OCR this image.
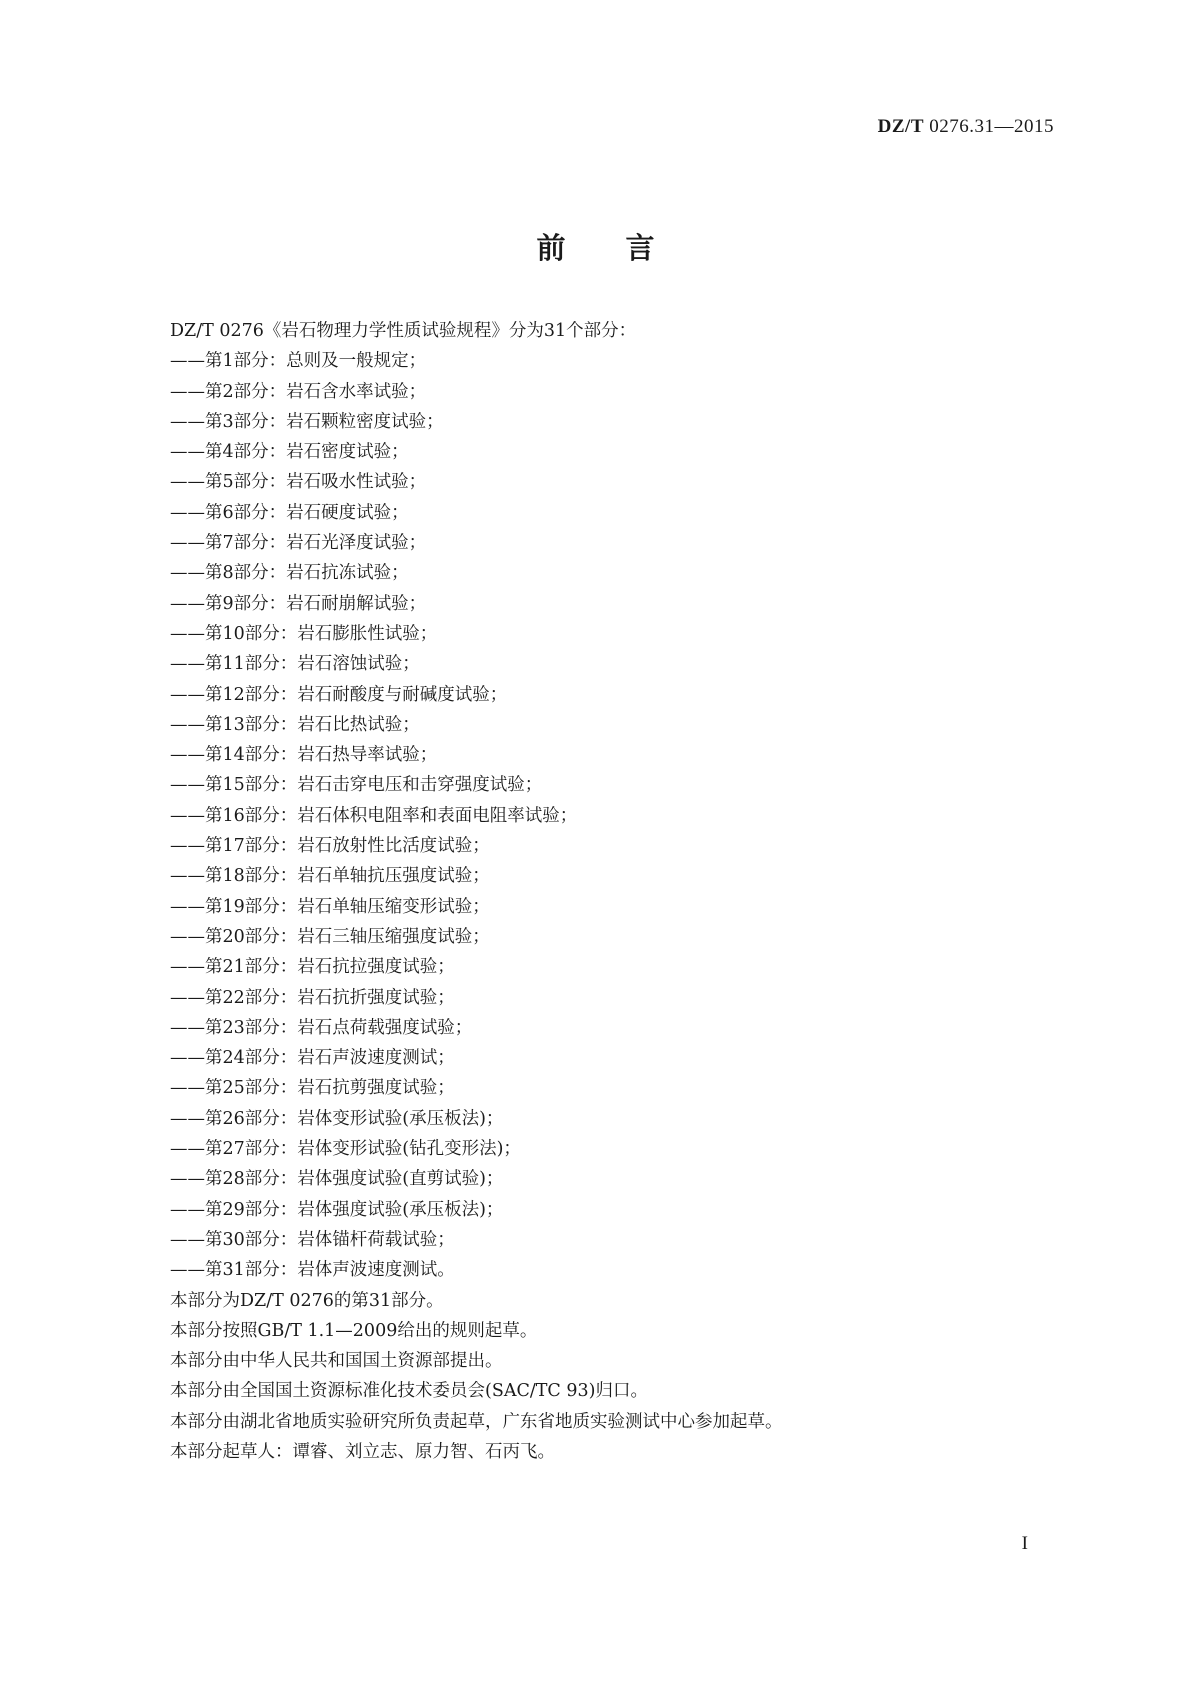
DZ/T 0276.31—2015
前言
DZ/T 0276《岩石物理力学性质试验规程》分为31个部分：
——第1部分：总则及一般规定；
——第2部分：岩石含水率试验；
——第3部分：岩石颗粒密度试验；
——第4部分：岩石密度试验；
——第5部分：岩石吸水性试验；
——第6部分：岩石硬度试验；
——第7部分：岩石光泽度试验；
——第8部分：岩石抗冻试验；
——第9部分：岩石耐崩解试验；
——第10部分：岩石膨胀性试验；
——第11部分：岩石溶蚀试验；
——第12部分：岩石耐酸度与耐碱度试验；
——第13部分：岩石比热试验；
——第14部分：岩石热导率试验；
——第15部分：岩石击穿电压和击穿强度试验；
——第16部分：岩石体积电阻率和表面电阻率试验；
——第17部分：岩石放射性比活度试验；
——第18部分：岩石单轴抗压强度试验；
——第19部分：岩石单轴压缩变形试验；
——第20部分：岩石三轴压缩强度试验；
——第21部分：岩石抗拉强度试验；
——第22部分：岩石抗折强度试验；
——第23部分：岩石点荷载强度试验；
——第24部分：岩石声波速度测试；
——第25部分：岩石抗剪强度试验；
——第26部分：岩体变形试验(承压板法)；
——第27部分：岩体变形试验(钻孔变形法)；
——第28部分：岩体强度试验(直剪试验)；
——第29部分：岩体强度试验(承压板法)；
——第30部分：岩体锚杆荷载试验；
——第31部分：岩体声波速度测试。
本部分为DZ/T 0276的第31部分。
本部分按照GB/T 1.1—2009给出的规则起草。
本部分由中华人民共和国国土资源部提出。
本部分由全国国土资源标准化技术委员会(SAC/TC 93)归口。
本部分由湖北省地质实验研究所负责起草，广东省地质实验测试中心参加起草。
本部分起草人：谭睿、刘立志、原力智、石丙飞。
I
